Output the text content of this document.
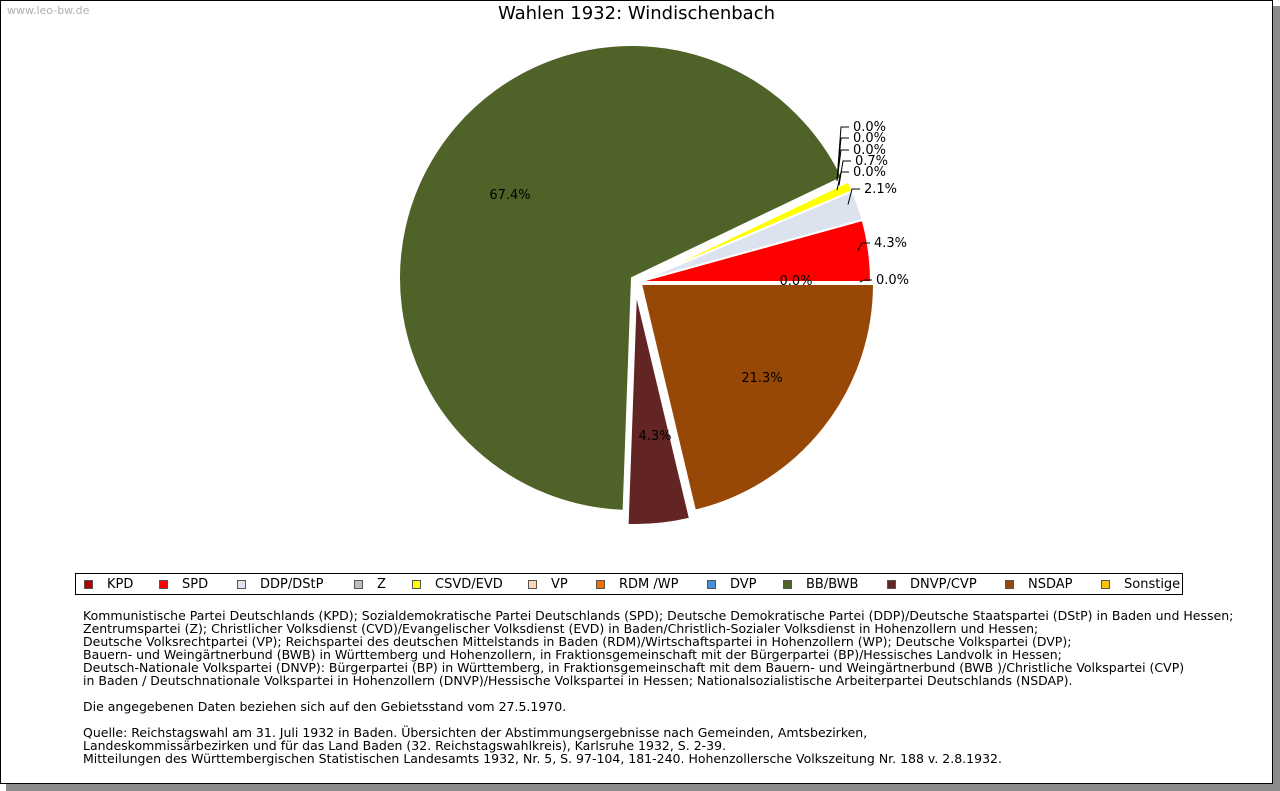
www.leo-bw.de	Wahlen 1932: Windischenbach
0.0%
4.3%
2.1%
0.0%
0.7%
0.0%
0.0%
0.0%
67.4%
4.3%
21.3%
0.0%
KPD	SPD	DDP/DStP	Z	CSVD/EVD	VP	RDM /WP	DVP	BB/BWB	DNVP/CVP	NSDAP	Sonstige

Kommunistische Partei Deutschlands (KPD); Sozialdemokratische Partei Deutschlands (SPD); Deutsche Demokratische Partei (DDP)/Deutsche Staatspartei (DStP) in Baden und Hessen;
Zentrumspartei (Z); Christlicher Volksdienst (CVD)/Evangelischer Volksdienst (EVD) in Baden/Christlich-Sozialer Volksdienst in Hohenzollern und Hessen;
Deutsche Volksrechtpartei (VP); Reichspartei des deutschen Mittelstands in Baden (RDM)/Wirtschaftspartei in Hohenzollern (WP); Deutsche Volkspartei (DVP);
Bauern- und Weingärtnerbund (BWB) in Württemberg und Hohenzollern, in Fraktionsgemeinschaft mit der Bürgerpartei (BP)/Hessisches Landvolk in Hessen;
Deutsch-Nationale Volkspartei (DNVP): Bürgerpartei (BP) in Württemberg, in Fraktionsgemeinschaft mit dem Bauern- und Weingärtnerbund (BWB )/Christliche Volkspartei (CVP)
in Baden / Deutschnationale Volkspartei in Hohenzollern (DNVP)/Hessische Volkspartei in Hessen; Nationalsozialistische Arbeiterpartei Deutschlands (NSDAP).

Die angegebenen Daten beziehen sich auf den Gebietsstand vom 27.5.1970.

Quelle: Reichstagswahl am 31. Juli 1932 in Baden. Übersichten der Abstimmungsergebnisse nach Gemeinden, Amtsbezirken,
Landeskommissärbezirken und für das Land Baden (32. Reichstagswahlkreis), Karlsruhe 1932, S. 2-39.
Mitteilungen des Württembergischen Statistischen Landesamts 1932, Nr. 5, S. 97-104, 181-240. Hohenzollersche Volkszeitung Nr. 188 v. 2.8.1932.
